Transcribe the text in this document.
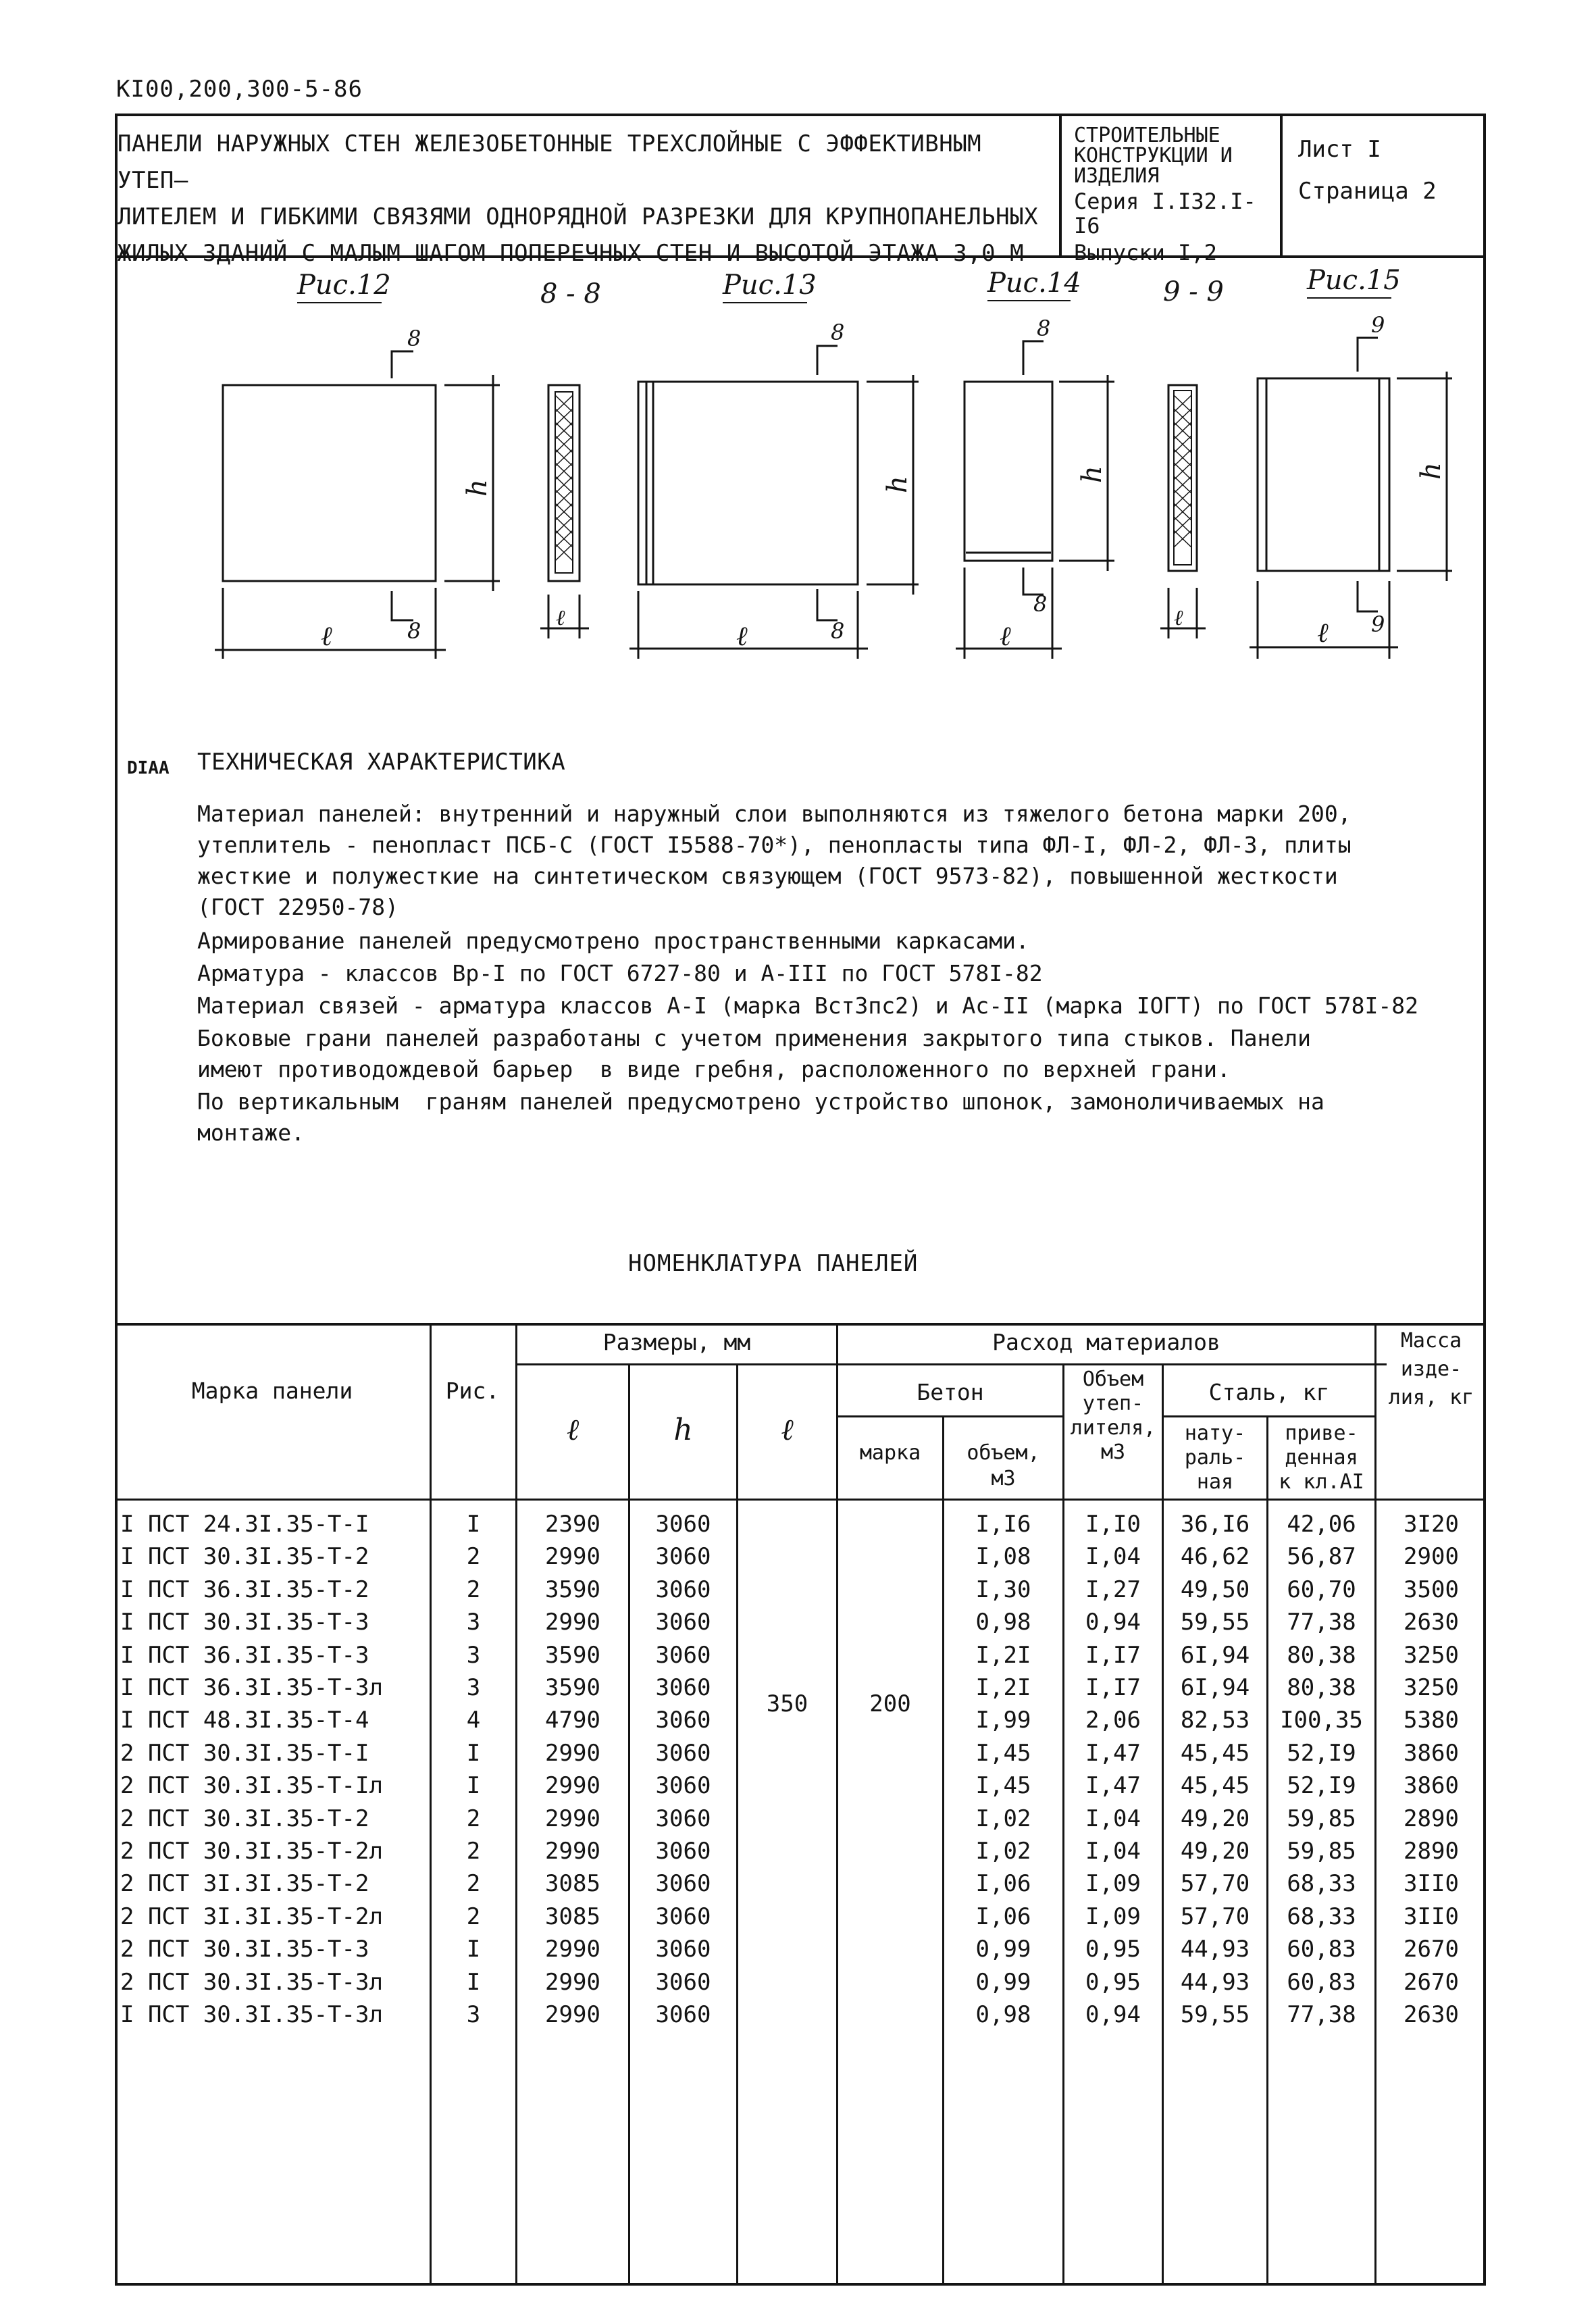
KI00,200,300-5-86
ПАНЕЛИ НАРУЖНЫХ СТЕН ЖЕЛЕЗОБЕТОННЫЕ ТРЕХСЛОЙНЫЕ С ЭФФЕКТИВНЫМ УТЕП–
ЛИТЕЛЕМ И ГИБКИМИ СВЯЗЯМИ ОДНОРЯДНОЙ РАЗРЕЗКИ ДЛЯ КРУПНОПАНЕЛЬНЫХ
ЖИЛЫХ ЗДАНИЙ С МАЛЫМ ШАГОМ ПОПЕРЕЧНЫХ СТЕН И ВЫСОТОЙ ЭТАЖА 3,0 М
СТРОИТЕЛЬНЫЕ
КОНСТРУКЦИИ И
ИЗДЕЛИЯ
Серия I.I32.I-I6
Выпуски I,2
Лист I
Страница 2
Рис.12	8 - 8	Рис.13	Рис.14	9 - 9	Рис.15
8
8
8
8
8
8
9
9
ℓ	ℓ
h	h
h	h
ℓ	ℓ	ℓ	ℓ
DIAA ТЕХНИЧЕСКАЯ ХАРАКТЕРИСТИКА
Материал панелей: внутренний и наружный слои выполняются из тяжелого бетона марки 200,
утеплитель - пенопласт ПСБ-С (ГОСТ I5588-70*), пенопласты типа ФЛ-I, ФЛ-2, ФЛ-3, плиты
жесткие и полужесткие на синтетическом связующем (ГОСТ 9573-82), повышенной жесткости
(ГОСТ 22950-78)
Армирование панелей предусмотрено пространственными каркасами.
Арматура - классов Вр-I по ГОСТ 6727-80 и А-III по ГОСТ 578I-82
Материал связей - арматура классов А-I (марка ВстЗпс2) и Ас-II (марка IОГТ) по ГОСТ 578I-82
Боковые грани панелей разработаны с учетом применения закрытого типа стыков. Панели
имеют противодождевой барьер  в виде гребня, расположенного по верхней грани.
По вертикальным  граням панелей предусмотрено устройство шпонок, замоноличиваемых на
монтаже.
НОМЕНКЛАТУРА ПАНЕЛЕЙ
Марка панели	Рис.
Размеры, мм
ℓ	h	ℓ
Расход материалов
Бетон
марка	объем,
м3
Объем
утеп-
лителя,
м3
Сталь, кг
нату-
раль-
ная
приве-
денная
к кл.АI
Масса
изде-
лия, кг
350	200
I ПСТ 24.3I.35-Т-I	I	2390	3060	I,I6	I,I0	36,I6	42,06	3I20
I ПСТ 30.3I.35-Т-2	2	2990	3060	I,08	I,04	46,62	56,87	2900
I ПСТ 36.3I.35-Т-2	2	3590	3060	I,30	I,27	49,50	60,70	3500
I ПСТ 30.3I.35-Т-3	3	2990	3060	0,98	0,94	59,55	77,38	2630
I ПСТ 36.3I.35-Т-3	3	3590	3060	I,2I	I,I7	6I,94	80,38	3250
I ПСТ 36.3I.35-Т-3л	3	3590	3060	I,2I	I,I7	6I,94	80,38	3250
I ПСТ 48.3I.35-Т-4	4	4790	3060	I,99	2,06	82,53	I00,35	5380
2 ПСТ 30.3I.35-Т-I	I	2990	3060	I,45	I,47	45,45	52,I9	3860
2 ПСТ 30.3I.35-Т-Iл	I	2990	3060	I,45	I,47	45,45	52,I9	3860
2 ПСТ 30.3I.35-Т-2	2	2990	3060	I,02	I,04	49,20	59,85	2890
2 ПСТ 30.3I.35-Т-2л	2	2990	3060	I,02	I,04	49,20	59,85	2890
2 ПСТ 3I.3I.35-Т-2	2	3085	3060	I,06	I,09	57,70	68,33	3II0
2 ПСТ 3I.3I.35-Т-2л	2	3085	3060	I,06	I,09	57,70	68,33	3II0
2 ПСТ 30.3I.35-Т-3	I	2990	3060	0,99	0,95	44,93	60,83	2670
2 ПСТ 30.3I.35-Т-3л	I	2990	3060	0,99	0,95	44,93	60,83	2670
I ПСТ 30.3I.35-Т-3л	3	2990	3060	0,98	0,94	59,55	77,38	2630
